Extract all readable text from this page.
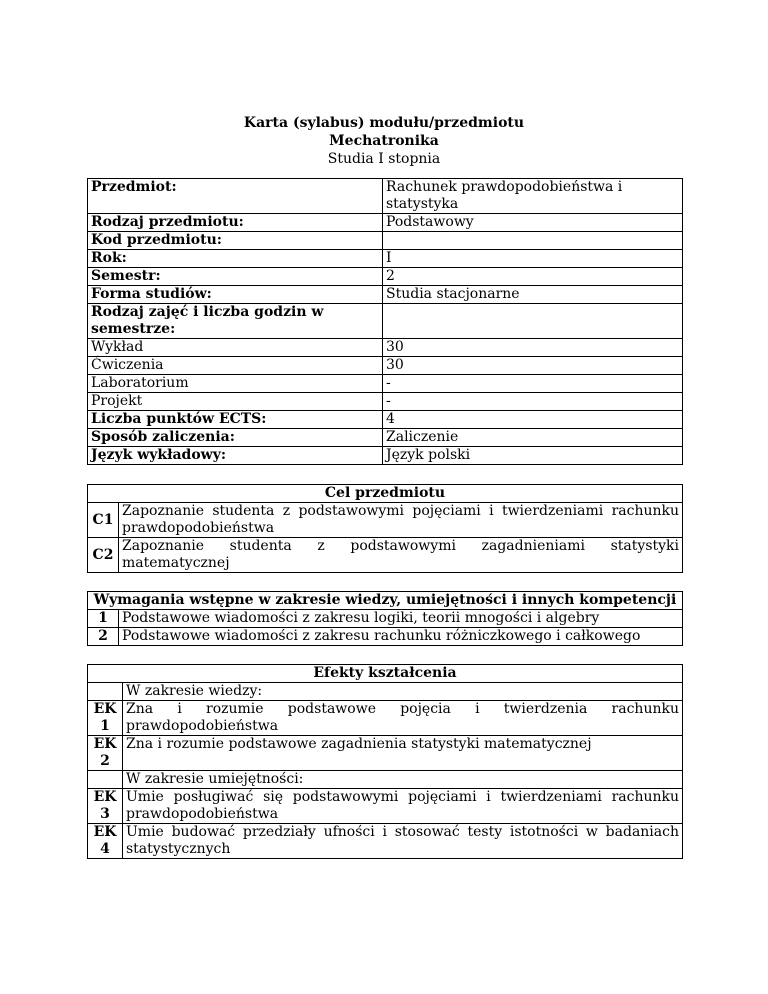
Karta (sylabus) modułu/przedmiotu
Mechatronika
Studia I stopnia
Przedmiot:	Rachunek prawdopodobieństwa i statystyka
Rodzaj przedmiotu:	Podstawowy
Kod przedmiotu:	
Rok:	I
Semestr:	2
Forma studiów:	Studia stacjonarne
Rodzaj zajęć i liczba godzin w semestrze:	
Wykład	30
Ćwiczenia	30
Laboratorium	-
Projekt	-
Liczba punktów ECTS:	4
Sposób zaliczenia:	Zaliczenie
Język wykładowy:	Język polski
Cel przedmiotu	
C1	Zapoznanie studenta z podstawowymi pojęciami i twierdzeniami rachunku prawdopodobieństwa
C2	Zapoznanie studenta z podstawowymi zagadnieniami statystyki matematycznej
Wymagania wstępne w zakresie wiedzy, umiejętności i innych kompetencji	
1	Podstawowe wiadomości z zakresu logiki, teorii mnogości i algebry
2	Podstawowe wiadomości z zakresu rachunku różniczkowego i całkowego
Efekty kształcenia	
	W zakresie wiedzy:
EK 1	Zna i rozumie podstawowe pojęcia i twierdzenia rachunku prawdopodobieństwa
EK 2	Zna i rozumie podstawowe zagadnienia statystyki matematycznej
	W zakresie umiejętności:
EK 3	Umie posługiwać się podstawowymi pojęciami i twierdzeniami rachunku prawdopodobieństwa
EK 4	Umie budować przedziały ufności i stosować testy istotności w badaniach statystycznych
